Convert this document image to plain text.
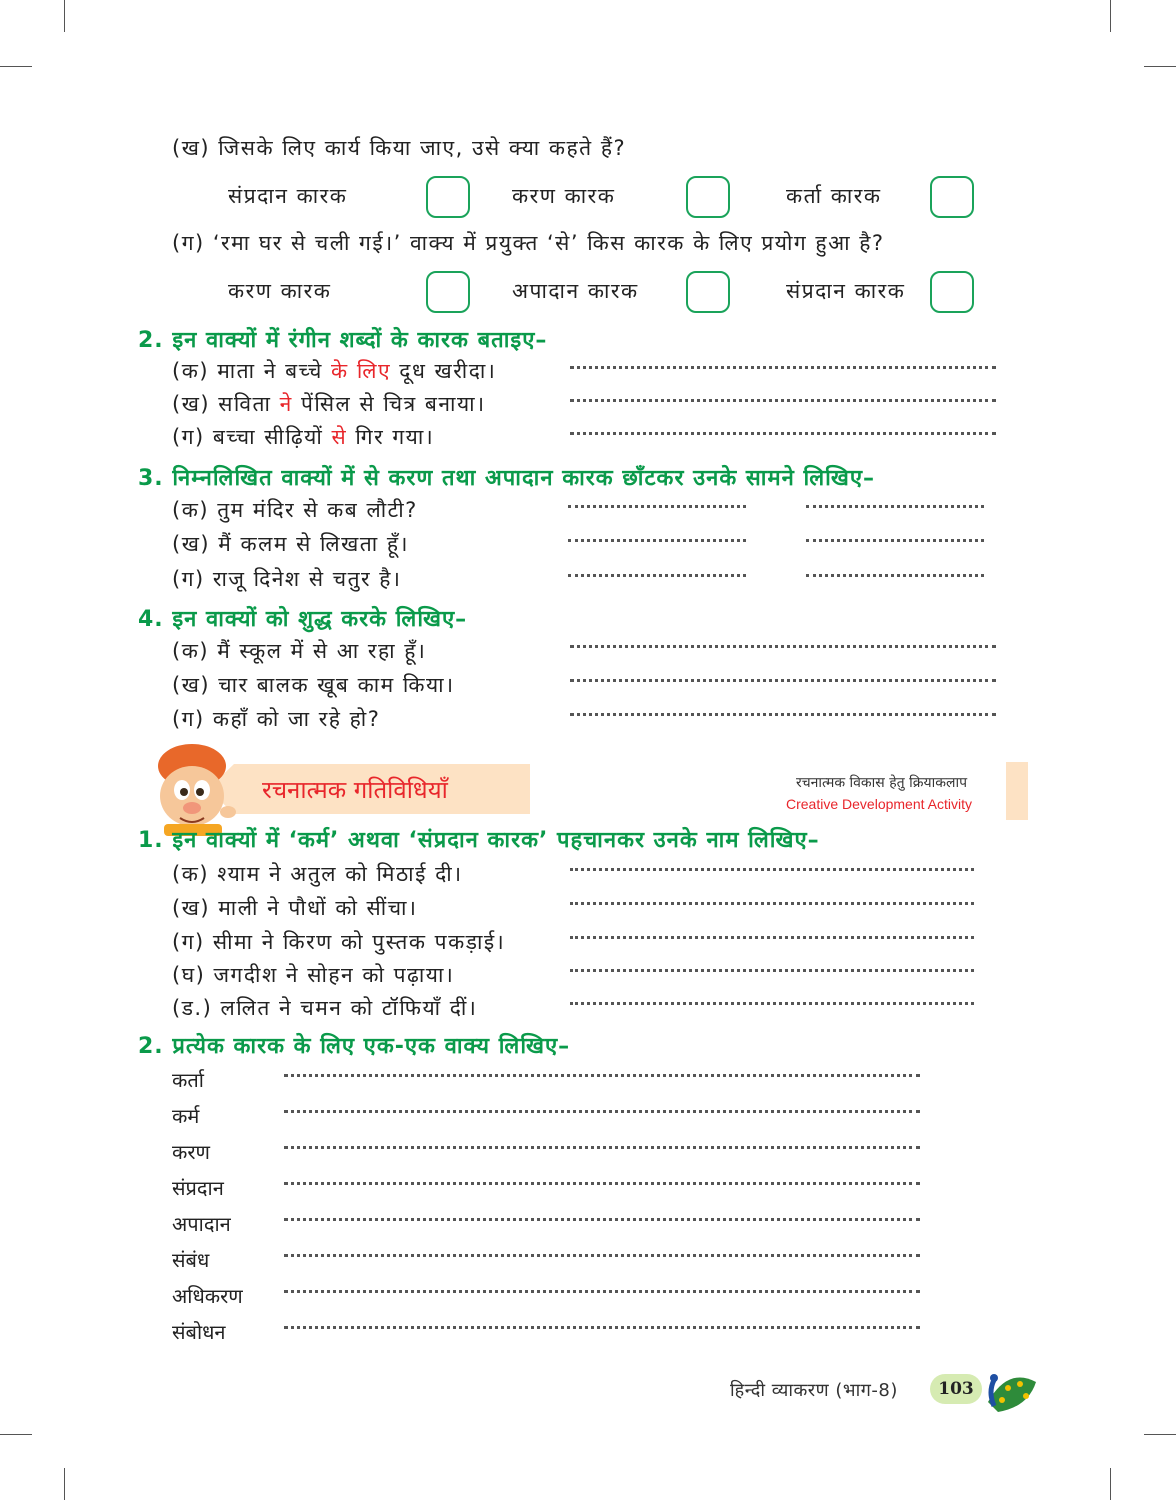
(ख) जिसके लिए कार्य किया जाए, उसे क्या कहते हैं?
संप्रदान कारक	करण कारक	कर्ता कारक
(ग) ‘रमा घर से चली गई।’ वाक्य में प्रयुक्त ‘से’ किस कारक के लिए प्रयोग हुआ है?
करण कारक	अपादान कारक	संप्रदान कारक
2. इन वाक्यों में रंगीन शब्दों के कारक बताइए–
(क) माता ने बच्चे के लिए दूध खरीदा।
(ख) सविता ने पेंसिल से चित्र बनाया।
(ग) बच्चा सीढ़ियों से गिर गया।
3. निम्नलिखित वाक्यों में से करण तथा अपादान कारक छाँटकर उनके सामने लिखिए–
(क) तुम मंदिर से कब लौटी?
(ख) मैं कलम से लिखता हूँ।
(ग) राजू दिनेश से चतुर है।
4. इन वाक्यों को शुद्ध करके लिखिए–
(क) मैं स्कूल में से आ रहा हूँ।
(ख) चार बालक खूब काम किया।
(ग) कहाँ को जा रहे हो?
रचनात्मक गतिविधियाँ	रचनात्मक विकास हेतु क्रियाकलाप
Creative Development Activity
1. इन वाक्यों में ‘कर्म’ अथवा ‘संप्रदान कारक’ पहचानकर उनके नाम लिखिए–
(क) श्याम ने अतुल को मिठाई दी।
(ख) माली ने पौधों को सींचा।
(ग) सीमा ने किरण को पुस्तक पकड़ाई।
(घ) जगदीश ने सोहन को पढ़ाया।
(ड.) ललित ने चमन को टॉफियाँ दीं।
2. प्रत्येक कारक के लिए एक-एक वाक्य लिखिए–
कर्ता
कर्म
करण
संप्रदान
अपादान
संबंध
अधिकरण
संबोधन
हिन्दी व्याकरण (भाग-8)	103
